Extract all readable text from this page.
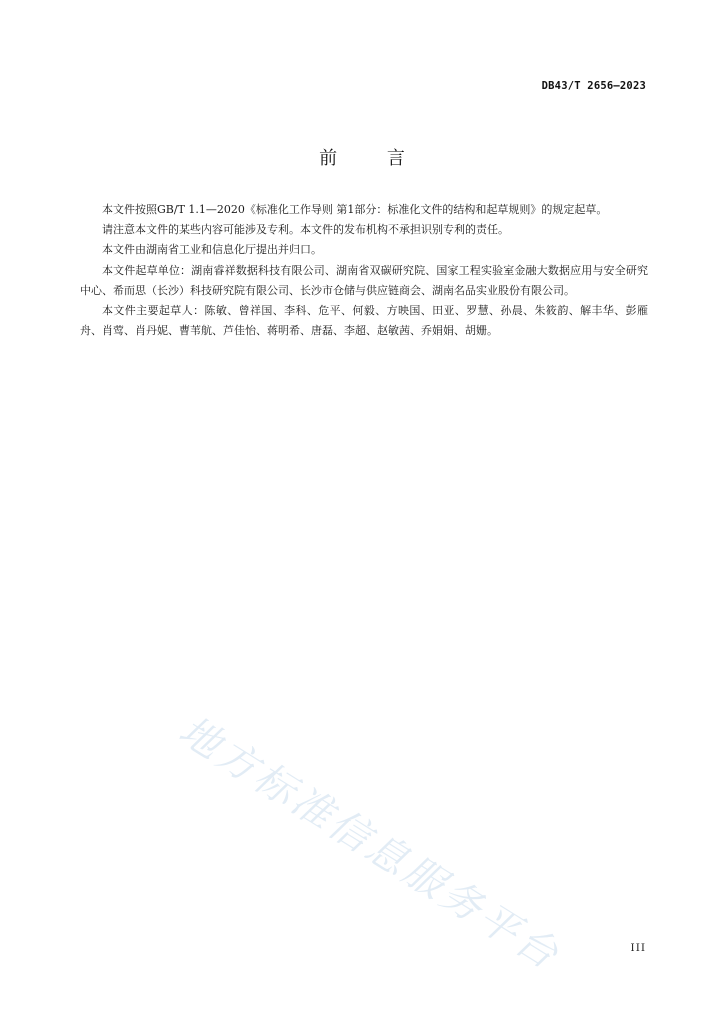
DB43/T 2656—2023
前 言

本文件按照GB/T 1.1—2020《标准化工作导则 第1部分：标准化文件的结构和起草规则》的规定起草。

请注意本文件的某些内容可能涉及专利。本文件的发布机构不承担识别专利的责任。

本文件由湖南省工业和信息化厅提出并归口。

本文件起草单位：湖南睿祥数据科技有限公司、湖南省双碳研究院、国家工程实验室金融大数据应用与安全研究中心、希而思（长沙）科技研究院有限公司、长沙市仓储与供应链商会、湖南名品实业股份有限公司。

本文件主要起草人：陈敏、曾祥国、李科、危平、何毅、方映国、田亚、罗慧、孙晨、朱筱韵、解丰华、彭雁舟、肖莺、肖丹妮、曹苇航、芦佳怡、蒋明希、唐磊、李超、赵敏茜、乔娟娟、胡姗。

地方标准信息服务平台	III
